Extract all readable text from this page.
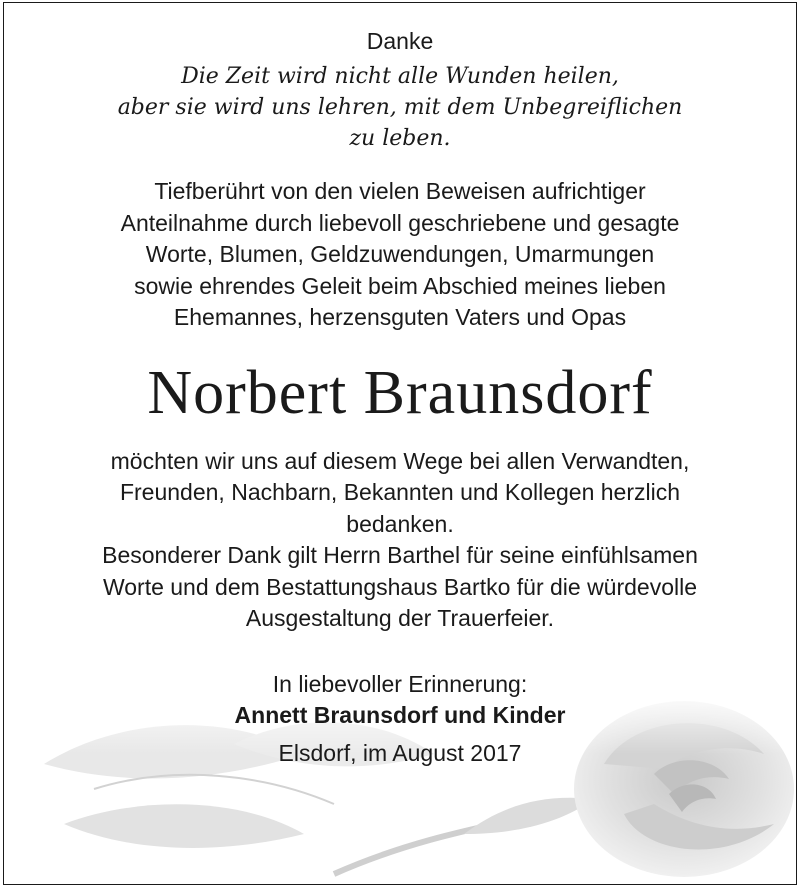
Danke
Die Zeit wird nicht alle Wunden heilen,
aber sie wird uns lehren, mit dem Unbegreiflichen
zu leben.
Tiefberührt von den vielen Beweisen aufrichtiger
Anteilnahme durch liebevoll geschriebene und gesagte
Worte, Blumen, Geldzuwendungen, Umarmungen
sowie ehrendes Geleit beim Abschied meines lieben
Ehemannes, herzensguten Vaters und Opas
Norbert Braunsdorf
möchten wir uns auf diesem Wege bei allen Verwandten,
Freunden, Nachbarn, Bekannten und Kollegen herzlich
bedanken.
Besonderer Dank gilt Herrn Barthel für seine einfühlsamen
Worte und dem Bestattungshaus Bartko für die würdevolle
Ausgestaltung der Trauerfeier.
In liebevoller Erinnerung:
Annett Braunsdorf und Kinder
Elsdorf, im August 2017
